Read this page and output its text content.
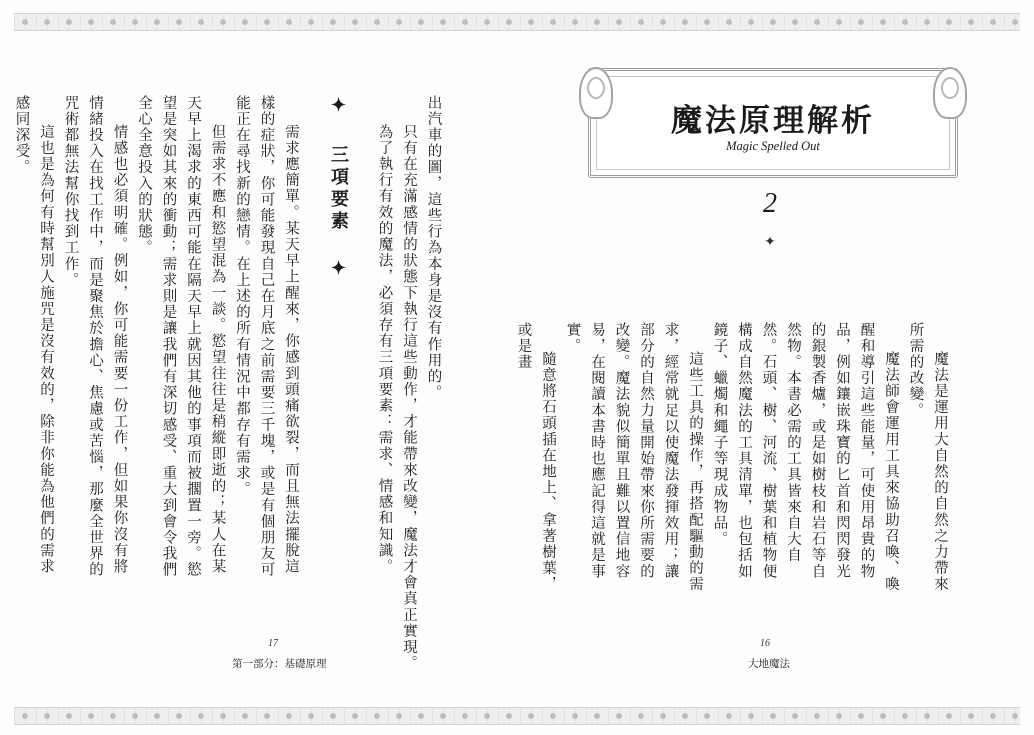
出汽車的圖，這些行為本身是沒有作用的。
只有在充滿感情的狀態下執行這些動作，才能帶來改變，魔法才會真正實現。
為了執行有效的魔法，必須存有三項要素：需求、情感和知識。
✦ 三項要素 ✦

需求應簡單。某天早上醒來，你感到頭痛欲裂，而且無法擺脫這樣的症狀，你可能發現自己在月底之前需要三千塊，或是有個朋友可能正在尋找新的戀情。在上述的所有情況中都存有需求。

但需求不應和慾望混為一談。慾望往往是稍縱即逝的；某人在某天早上渴求的東西可能在隔天早上就因其他的事項而被擱置一旁。慾望是突如其來的衝動；需求則是讓我們有深切感受、重大到會令我們全心全意投入的狀態。

情感也必須明確。例如，你可能需要一份工作，但如果你沒有將情緒投入在找工作中，而是聚焦於擔心、焦慮或苦惱，那麼全世界的咒術都無法幫你找到工作。

這也是為何有時幫別人施咒是沒有效的，除非你能為他們的需求感同深受。

17
第一部分：基礎原理
魔法原理解析
Magic Spelled Out
2
✦

魔法是運用大自然的自然之力帶來所需的改變。

魔法師會運用工具來協助召喚、喚醒和導引這些能量，可使用昂貴的物品，例如鑲嵌珠寶的匕首和閃閃發光的銀製香爐，或是如樹枝和岩石等自然物。本書必需的工具皆來自大自然。石頭、樹、河流、樹葉和植物便構成自然魔法的工具清單，也包括如鏡子、蠟燭和繩子等現成物品。

這些工具的操作，再搭配驅動的需求，經常就足以使魔法發揮效用；讓部分的自然力量開始帶來你所需要的改變。魔法貌似簡單且難以置信地容易，在閱讀本書時也應記得這就是事實。

隨意將石頭插在地上、拿著樹葉，或是畫

16
大地魔法
